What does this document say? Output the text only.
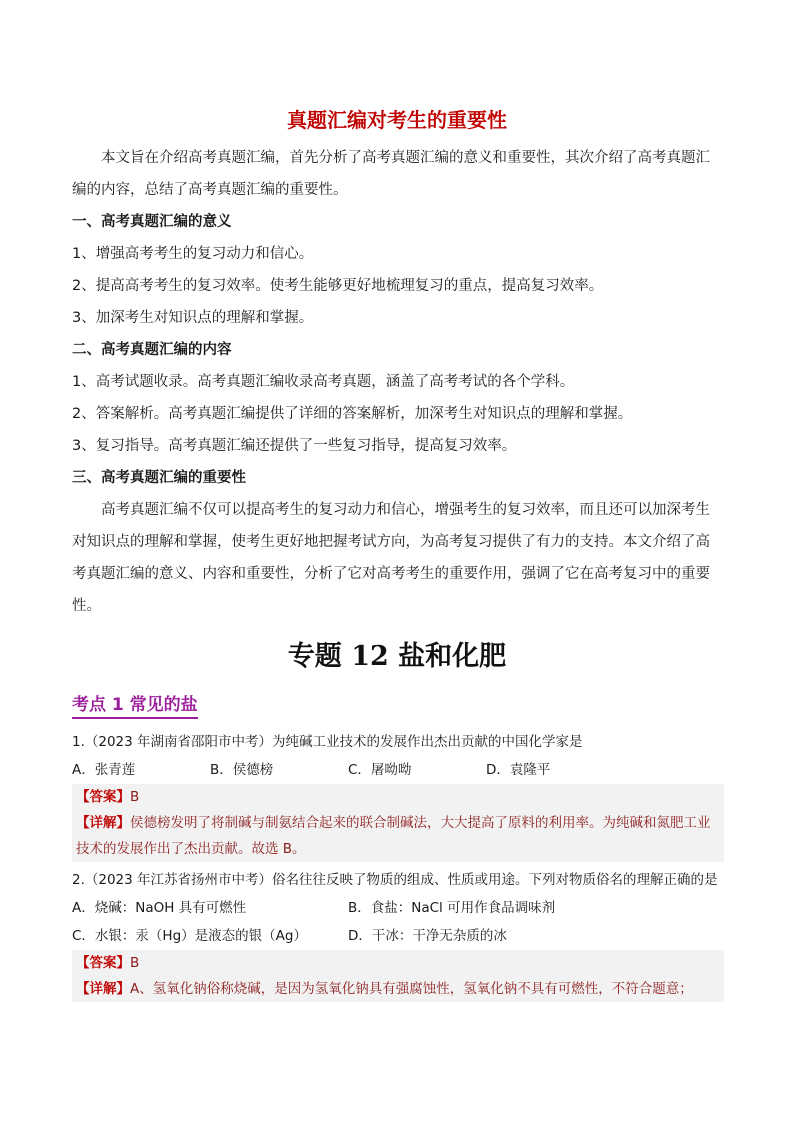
真题汇编对考生的重要性

本文旨在介绍高考真题汇编，首先分析了高考真题汇编的意义和重要性，其次介绍了高考真题汇编的内容，总结了高考真题汇编的重要性。

一、高考真题汇编的意义

1、增强高考考生的复习动力和信心。

2、提高高考考生的复习效率。使考生能够更好地梳理复习的重点，提高复习效率。

3、加深考生对知识点的理解和掌握。

二、高考真题汇编的内容

1、高考试题收录。高考真题汇编收录高考真题，涵盖了高考考试的各个学科。

2、答案解析。高考真题汇编提供了详细的答案解析，加深考生对知识点的理解和掌握。

3、复习指导。高考真题汇编还提供了一些复习指导，提高复习效率。

三、高考真题汇编的重要性

高考真题汇编不仅可以提高考生的复习动力和信心，增强考生的复习效率，而且还可以加深考生对知识点的理解和掌握，使考生更好地把握考试方向，为高考复习提供了有力的支持。本文介绍了高考真题汇编的意义、内容和重要性，分析了它对高考考生的重要作用，强调了它在高考复习中的重要性。

专题 12 盐和化肥
考点 1 常见的盐

1.（2023 年湖南省邵阳市中考）为纯碱工业技术的发展作出杰出贡献的中国化学家是

A．张青莲	B．侯德榜	C．屠呦呦	D．袁隆平

【答案】B

【详解】侯德榜发明了将制碱与制氨结合起来的联合制碱法，大大提高了原料的利用率。为纯碱和氮肥工业技术的发展作出了杰出贡献。故选 B。

2.（2023 年江苏省扬州市中考）俗名往往反映了物质的组成、性质或用途。下列对物质俗名的理解正确的是

A．烧碱：NaOH 具有可燃性	B．食盐：NaCl 可用作食品调味剂

C．水银：汞（Hg）是液态的银（Ag）	D．干冰：干净无杂质的冰

【答案】B

【详解】A、氢氧化钠俗称烧碱，是因为氢氧化钠具有强腐蚀性，氢氧化钠不具有可燃性，不符合题意；
